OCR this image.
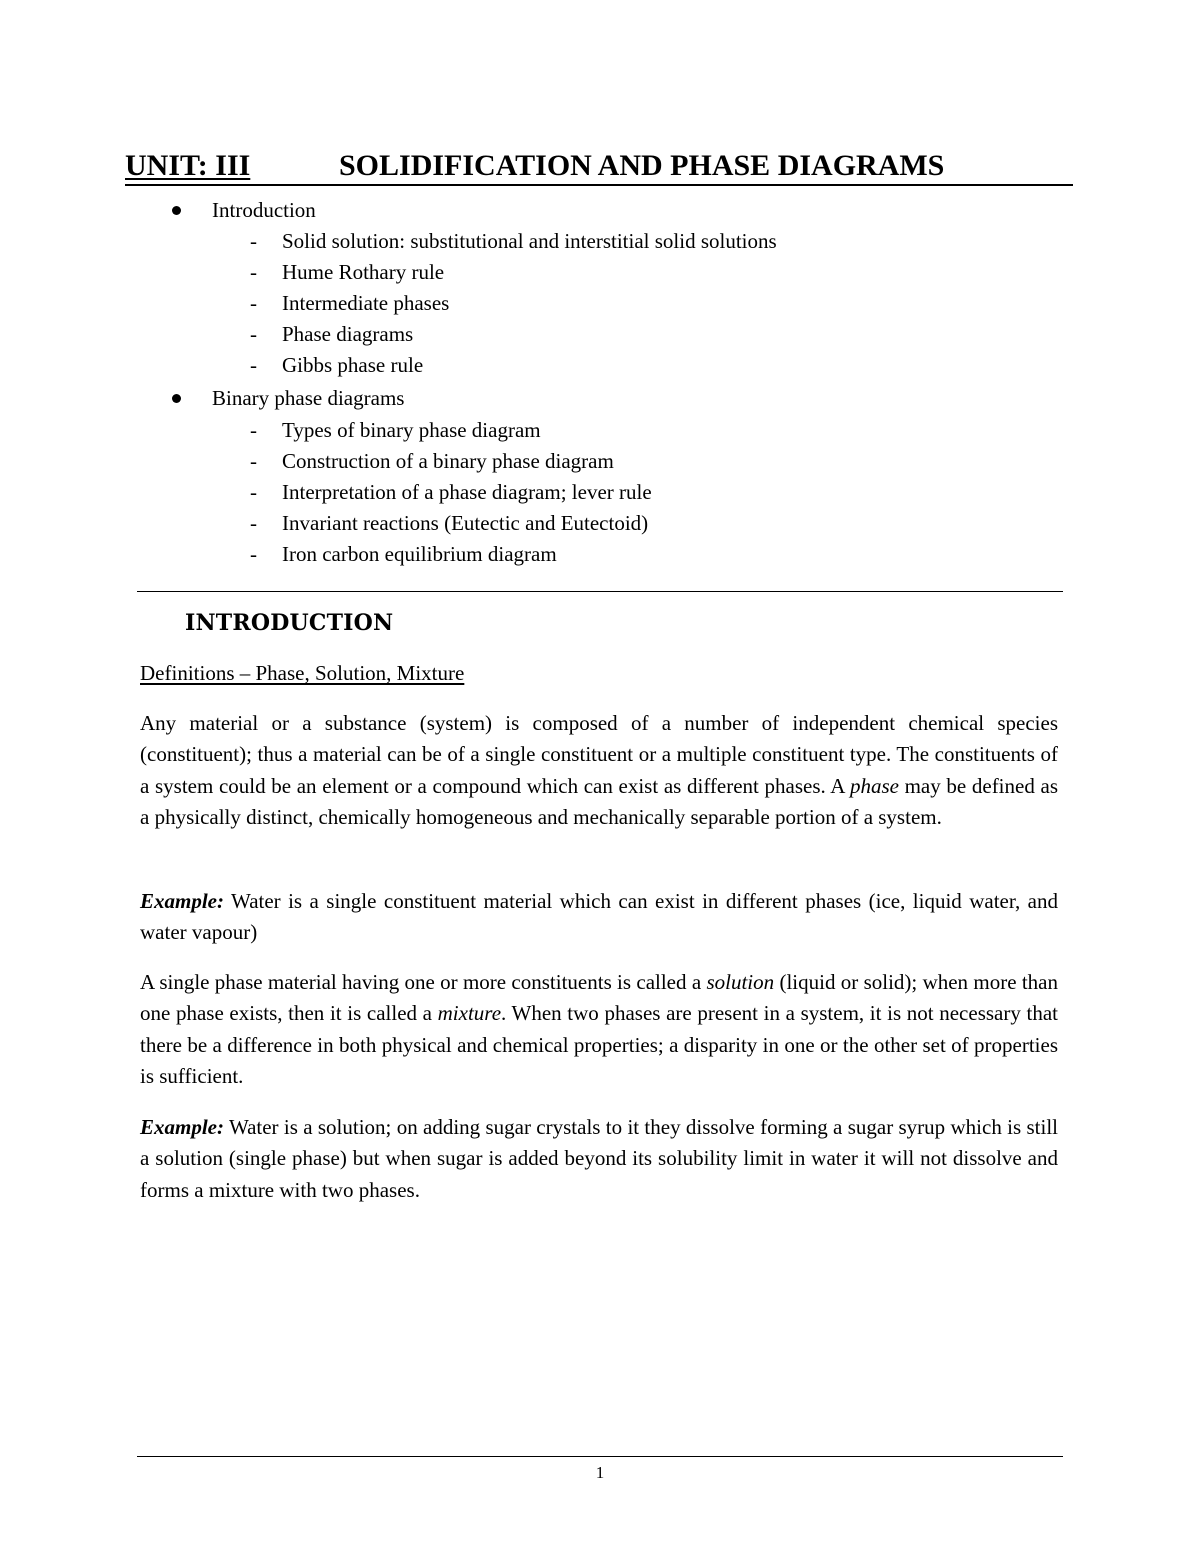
UNIT: III	SOLIDIFICATION AND PHASE DIAGRAMS
Introduction
- Solid solution: substitutional and interstitial solid solutions
- Hume Rothary rule
- Intermediate phases
- Phase diagrams
- Gibbs phase rule
Binary phase diagrams
- Types of binary phase diagram
- Construction of a binary phase diagram
- Interpretation of a phase diagram; lever rule
- Invariant reactions (Eutectic and Eutectoid)
- Iron carbon equilibrium diagram
INTRODUCTION
Definitions – Phase, Solution, Mixture

Any material or a substance (system) is composed of a number of independent chemical species (constituent); thus a material can be of a single constituent or a multiple constituent type. The constituents of a system could be an element or a compound which can exist as different phases. A phase may be defined as a physically distinct, chemically homogeneous and mechanically separable portion of a system.

Example: Water is a single constituent material which can exist in different phases (ice, liquid water, and water vapour)

A single phase material having one or more constituents is called a solution (liquid or solid); when more than one phase exists, then it is called a mixture. When two phases are present in a system, it is not necessary that there be a difference in both physical and chemical properties; a disparity in one or the other set of properties is sufficient.

Example: Water is a solution; on adding sugar crystals to it they dissolve forming a sugar syrup which is still a solution (single phase) but when sugar is added beyond its solubility limit in water it will not dissolve and forms a mixture with two phases.

1
